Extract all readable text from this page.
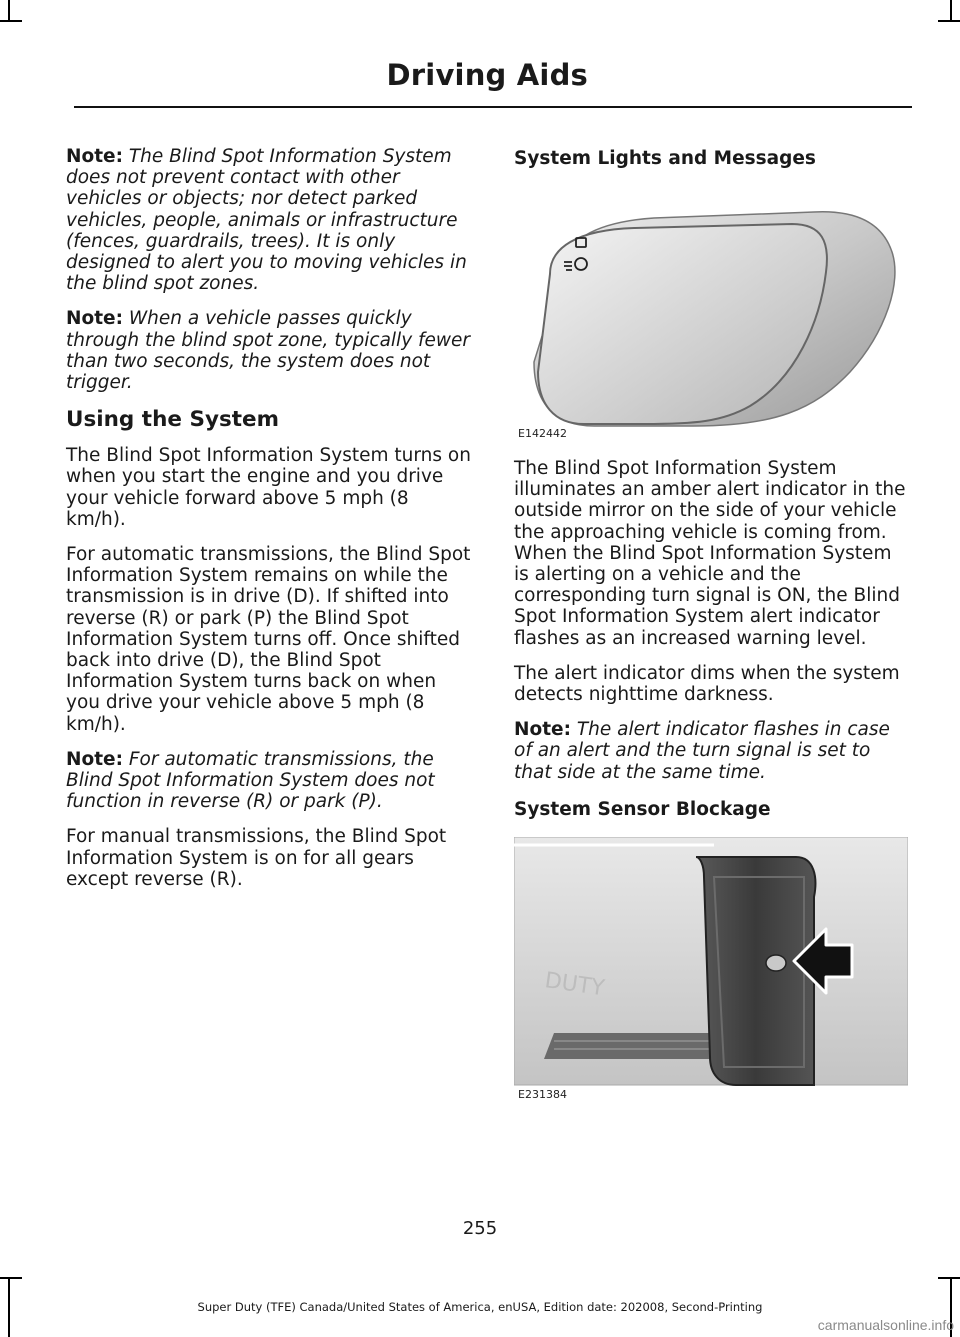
Driving Aids

Note: The Blind Spot Information System does not prevent contact with other vehicles or objects; nor detect parked vehicles, people, animals or infrastructure (fences, guardrails, trees). It is only designed to alert you to moving vehicles in the blind spot zones.

Note: When a vehicle passes quickly through the blind spot zone, typically fewer than two seconds, the system does not trigger.

Using the System

The Blind Spot Information System turns on when you start the engine and you drive your vehicle forward above 5 mph (8 km/h).

For automatic transmissions, the Blind Spot Information System remains on while the transmission is in drive (D). If shifted into reverse (R) or park (P) the Blind Spot Information System turns off. Once shifted back into drive (D), the Blind Spot Information System turns back on when you drive your vehicle above 5 mph (8 km/h).

Note: For automatic transmissions, the Blind Spot Information System does not function in reverse (R) or park (P).

For manual transmissions, the Blind Spot Information System is on for all gears except reverse (R).

System Lights and Messages
E142442

The Blind Spot Information System illuminates an amber alert indicator in the outside mirror on the side of your vehicle the approaching vehicle is coming from. When the Blind Spot Information System is alerting on a vehicle and the corresponding turn signal is ON, the Blind Spot Information System alert indicator flashes as an increased warning level.

The alert indicator dims when the system detects nighttime darkness.

Note: The alert indicator flashes in case of an alert and the turn signal is set to that side at the same time.

System Sensor Blockage
DUTY
E231384
255
Super Duty (TFE) Canada/United States of America, enUSA, Edition date: 202008, Second-Printing
carmanualsonline.info
